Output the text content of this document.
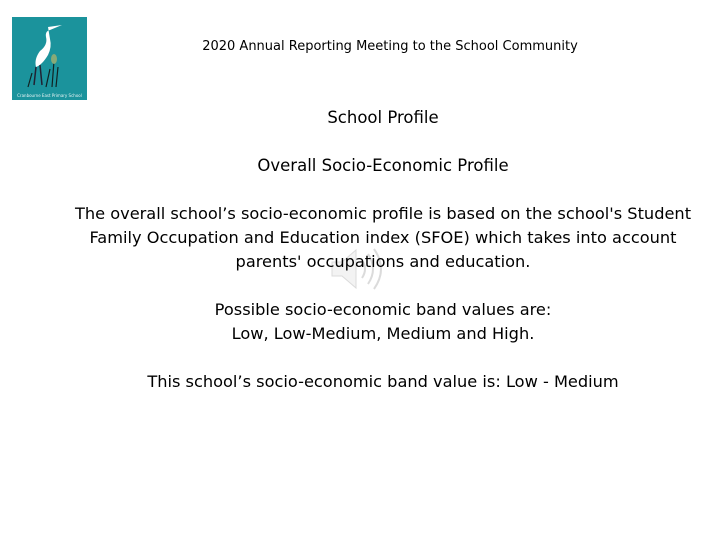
Cranbourne East Primary School
2020 Annual Reporting Meeting to the School Community
School Profile
Overall Socio-Economic Profile
The overall school’s socio-economic profile is based on the school's Student Family Occupation and Education index (SFOE) which takes into account parents' occupations and education.
Possible socio-economic band values are:
Low, Low-Medium, Medium and High.
This school’s socio-economic band value is: Low - Medium
